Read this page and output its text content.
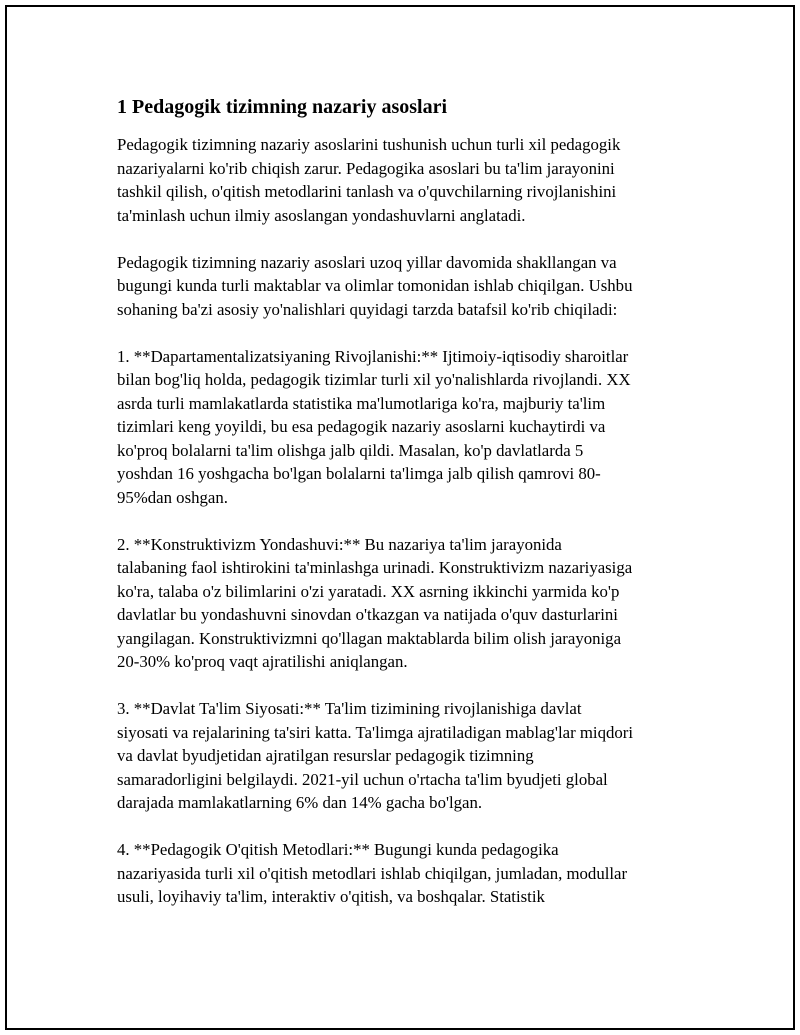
1 Pedagogik tizimning nazariy asoslari

Pedagogik tizimning nazariy asoslarini tushunish uchun turli xil pedagogik
nazariyalarni ko'rib chiqish zarur. Pedagogika asoslari bu ta'lim jarayonini
tashkil qilish, o'qitish metodlarini tanlash va o'quvchilarning rivojlanishini
ta'minlash uchun ilmiy asoslangan yondashuvlarni anglatadi.

Pedagogik tizimning nazariy asoslari uzoq yillar davomida shakllangan va
bugungi kunda turli maktablar va olimlar tomonidan ishlab chiqilgan. Ushbu
sohaning ba'zi asosiy yo'nalishlari quyidagi tarzda batafsil ko'rib chiqiladi:

1. **Dapartamentalizatsiyaning Rivojlanishi:** Ijtimoiy-iqtisodiy sharoitlar
bilan bog'liq holda, pedagogik tizimlar turli xil yo'nalishlarda rivojlandi. XX
asrda turli mamlakatlarda statistika ma'lumotlariga ko'ra, majburiy ta'lim
tizimlari keng yoyildi, bu esa pedagogik nazariy asoslarni kuchaytirdi va
ko'proq bolalarni ta'lim olishga jalb qildi. Masalan, ko'p davlatlarda 5
yoshdan 16 yoshgacha bo'lgan bolalarni ta'limga jalb qilish qamrovi 80-
95%dan oshgan.

2. **Konstruktivizm Yondashuvi:** Bu nazariya ta'lim jarayonida
talabaning faol ishtirokini ta'minlashga urinadi. Konstruktivizm nazariyasiga
ko'ra, talaba o'z bilimlarini o'zi yaratadi. XX asrning ikkinchi yarmida ko'p
davlatlar bu yondashuvni sinovdan o'tkazgan va natijada o'quv dasturlarini
yangilagan. Konstruktivizmni qo'llagan maktablarda bilim olish jarayoniga
20-30% ko'proq vaqt ajratilishi aniqlangan.

3. **Davlat Ta'lim Siyosati:** Ta'lim tizimining rivojlanishiga davlat
siyosati va rejalarining ta'siri katta. Ta'limga ajratiladigan mablag'lar miqdori
va davlat byudjetidan ajratilgan resurslar pedagogik tizimning
samaradorligini belgilaydi. 2021-yil uchun o'rtacha ta'lim byudjeti global
darajada mamlakatlarning 6% dan 14% gacha bo'lgan.

4. **Pedagogik O'qitish Metodlari:** Bugungi kunda pedagogika
nazariyasida turli xil o'qitish metodlari ishlab chiqilgan, jumladan, modullar
usuli, loyihaviy ta'lim, interaktiv o'qitish, va boshqalar. Statistik
